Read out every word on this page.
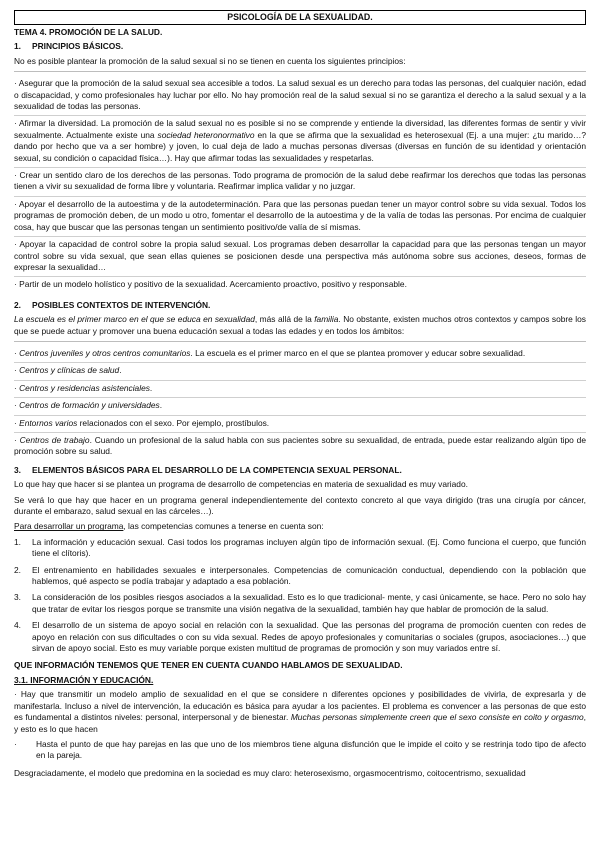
PSICOLOGÍA DE LA SEXUALIDAD.
TEMA 4. PROMOCIÓN DE LA SALUD.
1.	PRINCIPIOS BÁSICOS.

No es posible plantear la promoción de la salud sexual si no se tienen en cuenta los siguientes principios:

· Asegurar que la promoción de la salud sexual sea accesible a todos. La salud sexual es un derecho para todas las personas, del cualquier nación, edad o discapacidad, y como profesionales hay luchar por ello. No hay promoción real de la salud sexual si no se garantiza el derecho a la salud sexual y a la sexualidad de todas las personas.
· Afirmar la diversidad. La promoción de la salud sexual no es posible si no se comprende y entiende la diversidad, las diferentes formas de sentir y vivir sexualmente. Actualmente existe una sociedad heteronormativo en la que se afirma que la sexualidad es heterosexual (Ej. a una mujer: ¿tu marido…? dando por hecho que va a ser hombre) y joven, lo cual deja de lado a muchas personas diversas (diversas en función de su identidad y orientación sexual, su condición o capacidad física…). Hay que afirmar todas las sexualidades y respetarlas.
· Crear un sentido claro de los derechos de las personas. Todo programa de promoción de la salud debe reafirmar los derechos que todas las personas tienen a vivir su sexualidad de forma libre y voluntaria. Reafirmar implica validar y no juzgar.
· Apoyar el desarrollo de la autoestima y de la autodeterminación. Para que las personas puedan tener un mayor control sobre su vida sexual. Todos los programas de promoción deben, de un modo u otro, fomentar el desarrollo de la autoestima y de la valía de todas las personas. Por encima de cualquier cosa, hay que buscar que las personas tengan un sentimiento positivo/de valía de sí mismas.
· Apoyar la capacidad de control sobre la propia salud sexual. Los programas deben desarrollar la capacidad para que las personas tengan un mayor control sobre su vida sexual, que sean ellas quienes se posicionen desde una perspectiva más autónoma sobre sus acciones, deseos, formas de expresar la sexualidad…
· Partir de un modelo holístico y positivo de la sexualidad. Acercamiento proactivo, positivo y responsable.
2.	POSIBLES CONTEXTOS DE INTERVENCIÓN.

La escuela es el primer marco en el que se educa en sexualidad, más allá de la familia. No obstante, existen muchos otros contextos y campos sobre los que se puede actuar y promover una buena educación sexual a todas las edades y en todos los ámbitos:

· Centros juveniles y otros centros comunitarios. La escuela es el primer marco en el que se plantea promover y educar sobre sexualidad.
· Centros y clínicas de salud.
· Centros y residencias asistenciales.
· Centros de formación y universidades.
· Entornos varios relacionados con el sexo. Por ejemplo, prostíbulos.
· Centros de trabajo. Cuando un profesional de la salud habla con sus pacientes sobre su sexualidad, de entrada, puede estar realizando algún tipo de promoción sobre su salud.
3.	ELEMENTOS BÁSICOS PARA EL DESARROLLO DE LA COMPETENCIA SEXUAL PERSONAL.

Lo que hay que hacer si se plantea un programa de desarrollo de competencias en materia de sexualidad es muy variado.

Se verá lo que hay que hacer en un programa general independientemente del contexto concreto al que vaya dirigido (tras una cirugía por cáncer, durante el embarazo, salud sexual en las cárceles…).

Para desarrollar un programa, las competencias comunes a tenerse en cuenta son:

1.	La información y educación sexual. Casi todos los programas incluyen algún tipo de información sexual. (Ej. Como funciona el cuerpo, que función tiene el clítoris).
2.	El entrenamiento en habilidades sexuales e interpersonales. Competencias de comunicación conductual, dependiendo con la población que hablemos, qué aspecto se podía trabajar y adaptado a esa población.
3.	La consideración de los posibles riesgos asociados a la sexualidad. Esto es lo que tradicional- mente, y casi únicamente, se hace. Pero no solo hay que tratar de evitar los riesgos porque se transmite una visión negativa de la sexualidad, también hay que hablar de promoción de la salud.
4.	El desarrollo de un sistema de apoyo social en relación con la sexualidad. Que las personas del programa de promoción cuenten con redes de apoyo en relación con sus dificultades o con su vida sexual. Redes de apoyo profesionales y comunitarias o sociales (grupos, asociaciones…) que sirvan de apoyo social. Esto es muy variable porque existen multitud de programas de promoción y son muy variados entre sí.
QUE INFORMACIÓN TENEMOS QUE TENER EN CUENTA CUANDO HABLAMOS DE SEXUALIDAD.
3.1. INFORMACIÓN Y EDUCACIÓN.

· Hay que transmitir un modelo amplio de sexualidad en el que se considere n diferentes opciones y posibilidades de vivirla, de expresarla y de manifestarla. Incluso a nivel de intervención, la educación es básica para ayudar a los pacientes. El problema es convencer a las personas de que esto es fundamental a distintos niveles: personal, interpersonal y de bienestar. Muchas personas simplemente creen que el sexo consiste en coito y orgasmo, y esto es lo que hacen

·	Hasta el punto de que hay parejas en las que uno de los miembros tiene alguna disfunción que le impide el coito y se restrinja todo tipo de afecto en la pareja.

Desgraciadamente, el modelo que predomina en la sociedad es muy claro: heterosexismo, orgasmocentrismo, coitocentrismo, sexualidad
